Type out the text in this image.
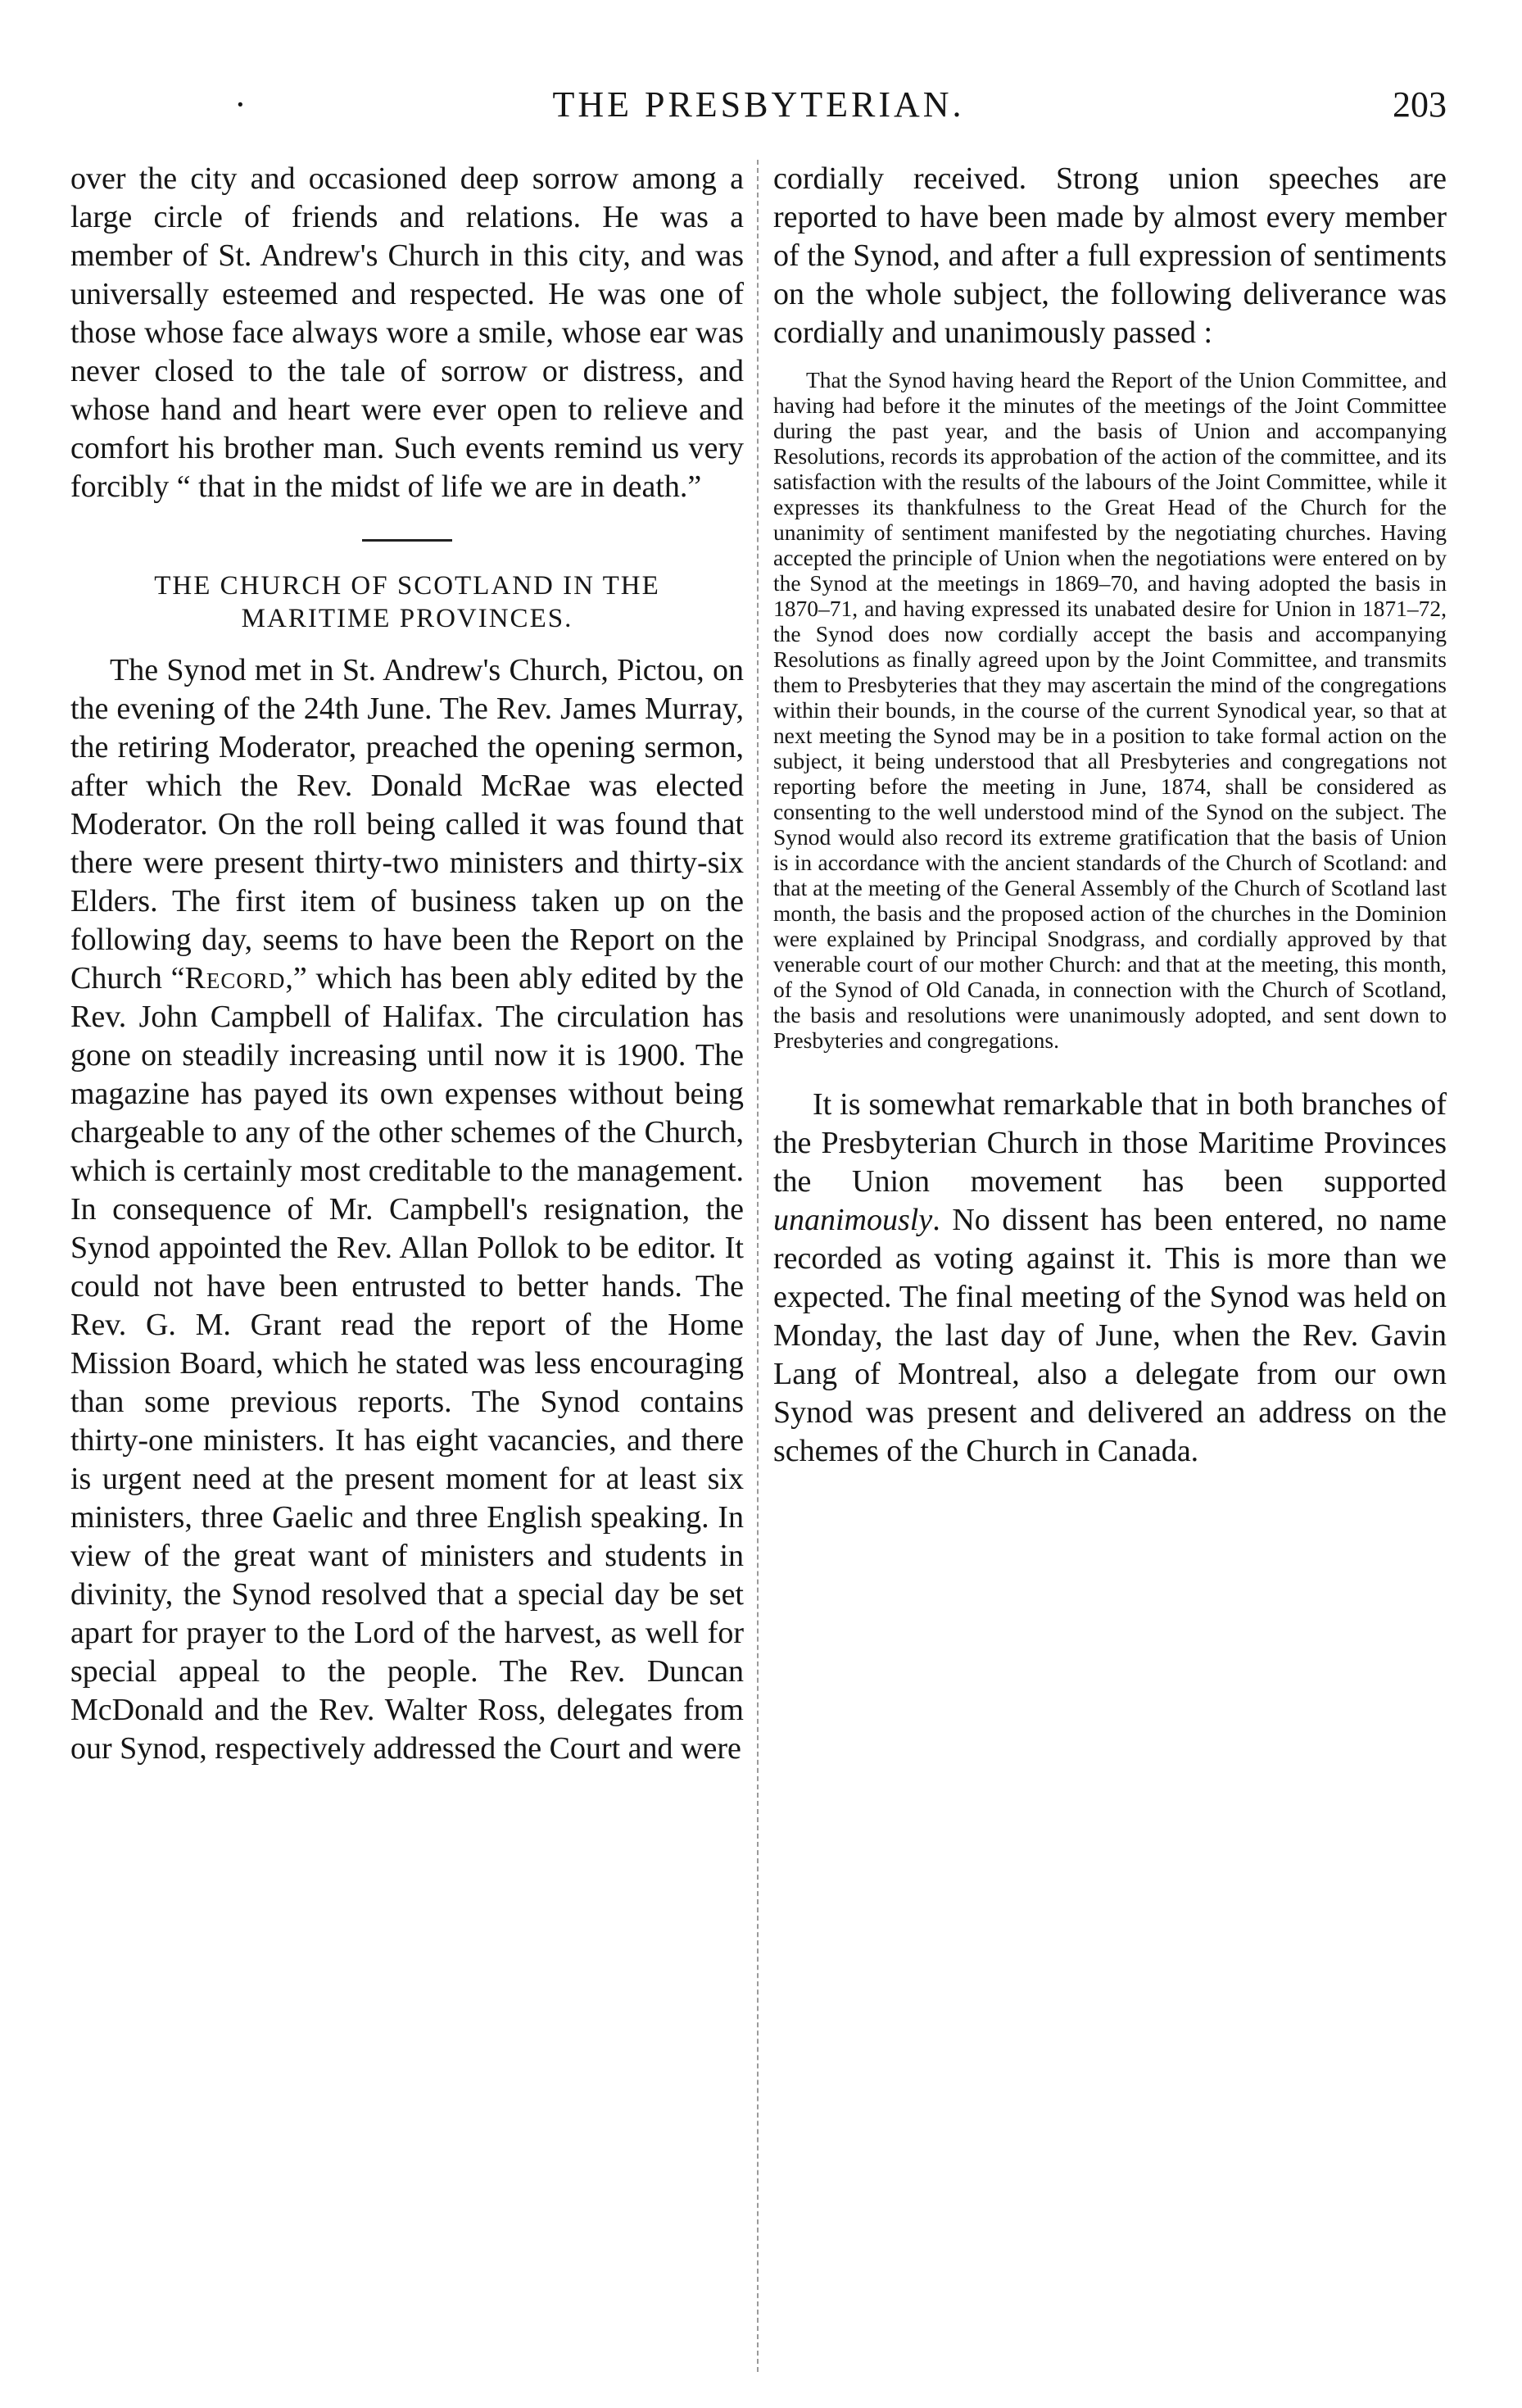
·	THE PRESBYTERIAN.	203

over the city and occasioned deep sorrow among a large circle of friends and relations. He was a member of St. Andrew's Church in this city, and was universally esteemed and respected. He was one of those whose face always wore a smile, whose ear was never closed to the tale of sorrow or distress, and whose hand and heart were ever open to relieve and comfort his brother man. Such events remind us very forcibly “ that in the midst of life we are in death.”

THE CHURCH OF SCOTLAND IN THE
MARITIME PROVINCES.

The Synod met in St. Andrew's Church, Pictou, on the evening of the 24th June. The Rev. James Murray, the retiring Moderator, preached the opening sermon, after which the Rev. Donald McRae was elected Moderator. On the roll being called it was found that there were present thirty-two ministers and thirty-six Elders. The first item of business taken up on the following day, seems to have been the Report on the Church “Record,” which has been ably edited by the Rev. John Campbell of Halifax. The circulation has gone on steadily increasing until now it is 1900. The magazine has payed its own expenses without being chargeable to any of the other schemes of the Church, which is certainly most creditable to the management. In consequence of Mr. Campbell's resignation, the Synod appointed the Rev. Allan Pollok to be editor. It could not have been entrusted to better hands. The Rev. G. M. Grant read the report of the Home Mission Board, which he stated was less encouraging than some previous reports. The Synod contains thirty-one ministers. It has eight vacancies, and there is urgent need at the present moment for at least six ministers, three Gaelic and three English speaking. In view of the great want of ministers and students in divinity, the Synod resolved that a special day be set apart for prayer to the Lord of the harvest, as well for special appeal to the people. The Rev. Duncan McDonald and the Rev. Walter Ross, delegates from our Synod, respectively addressed the Court and were

cordially received. Strong union speeches are reported to have been made by almost every member of the Synod, and after a full expression of sentiments on the whole subject, the following deliverance was cordially and unanimously passed :

That the Synod having heard the Report of the Union Committee, and having had before it the minutes of the meetings of the Joint Committee during the past year, and the basis of Union and accompanying Resolutions, records its approbation of the action of the committee, and its satisfaction with the results of the labours of the Joint Committee, while it expresses its thankfulness to the Great Head of the Church for the unanimity of sentiment manifested by the negotiating churches. Having accepted the principle of Union when the negotiations were entered on by the Synod at the meetings in 1869–70, and having adopted the basis in 1870–71, and having expressed its unabated desire for Union in 1871–72, the Synod does now cordially accept the basis and accompanying Resolutions as finally agreed upon by the Joint Committee, and transmits them to Presbyteries that they may ascertain the mind of the congregations within their bounds, in the course of the current Synodical year, so that at next meeting the Synod may be in a position to take formal action on the subject, it being understood that all Presbyteries and congregations not reporting before the meeting in June, 1874, shall be considered as consenting to the well understood mind of the Synod on the subject. The Synod would also record its extreme gratification that the basis of Union is in accordance with the ancient standards of the Church of Scotland: and that at the meeting of the General Assembly of the Church of Scotland last month, the basis and the proposed action of the churches in the Dominion were explained by Principal Snodgrass, and cordially approved by that venerable court of our mother Church: and that at the meeting, this month, of the Synod of Old Canada, in connection with the Church of Scotland, the basis and resolutions were unanimously adopted, and sent down to Presbyteries and congregations.

It is somewhat remarkable that in both branches of the Presbyterian Church in those Maritime Provinces the Union movement has been supported unanimously. No dissent has been entered, no name recorded as voting against it. This is more than we expected. The final meeting of the Synod was held on Monday, the last day of June, when the Rev. Gavin Lang of Montreal, also a delegate from our own Synod was present and delivered an address on the schemes of the Church in Canada.
